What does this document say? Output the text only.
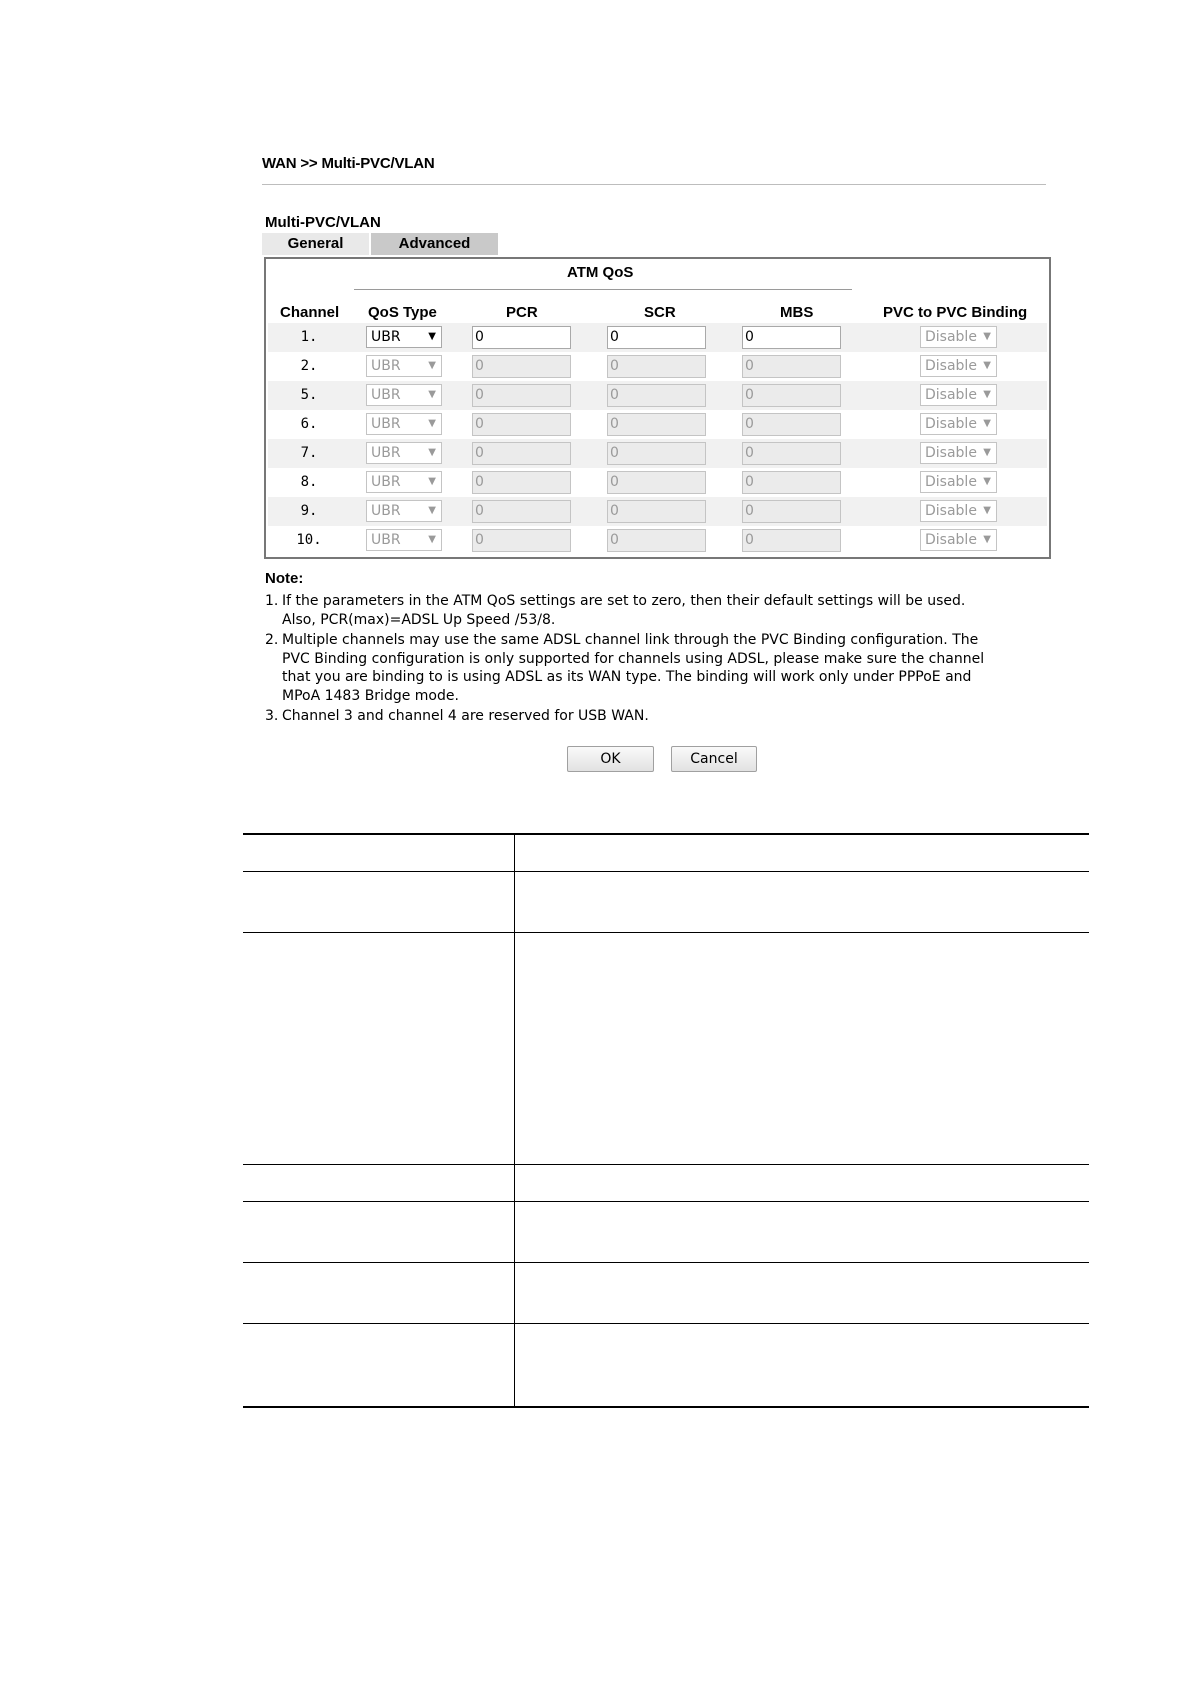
WAN >> Multi-PVC/VLAN
Multi-PVC/VLAN
General	Advanced
ATM QoS
Channel QoS Type	PCR	SCR	MBS	PVC to PVC Binding
1.	UBR	▼	0	0	0	Disable ▼
2.	UBR	▼	0	0	0	Disable ▼
5.	UBR	▼	0	0	0	Disable ▼
6.	UBR	▼	0	0	0	Disable ▼
7.	UBR	▼	0	0	0	Disable ▼
8.	UBR	▼	0	0	0	Disable ▼
9.	UBR	▼	0	0	0	Disable ▼
10.	UBR	▼	0	0	0	Disable ▼
Note:
1. If the parameters in the ATM QoS settings are set to zero, then their default settings will be used.
Also, PCR(max)=ADSL Up Speed /53/8.
2. Multiple channels may use the same ADSL channel link through the PVC Binding configuration. The
PVC Binding configuration is only supported for channels using ADSL, please make sure the channel
that you are binding to is using ADSL as its WAN type. The binding will work only under PPPoE and
MPoA 1483 Bridge mode.
3. Channel 3 and channel 4 are reserved for USB WAN.
OK	Cancel
